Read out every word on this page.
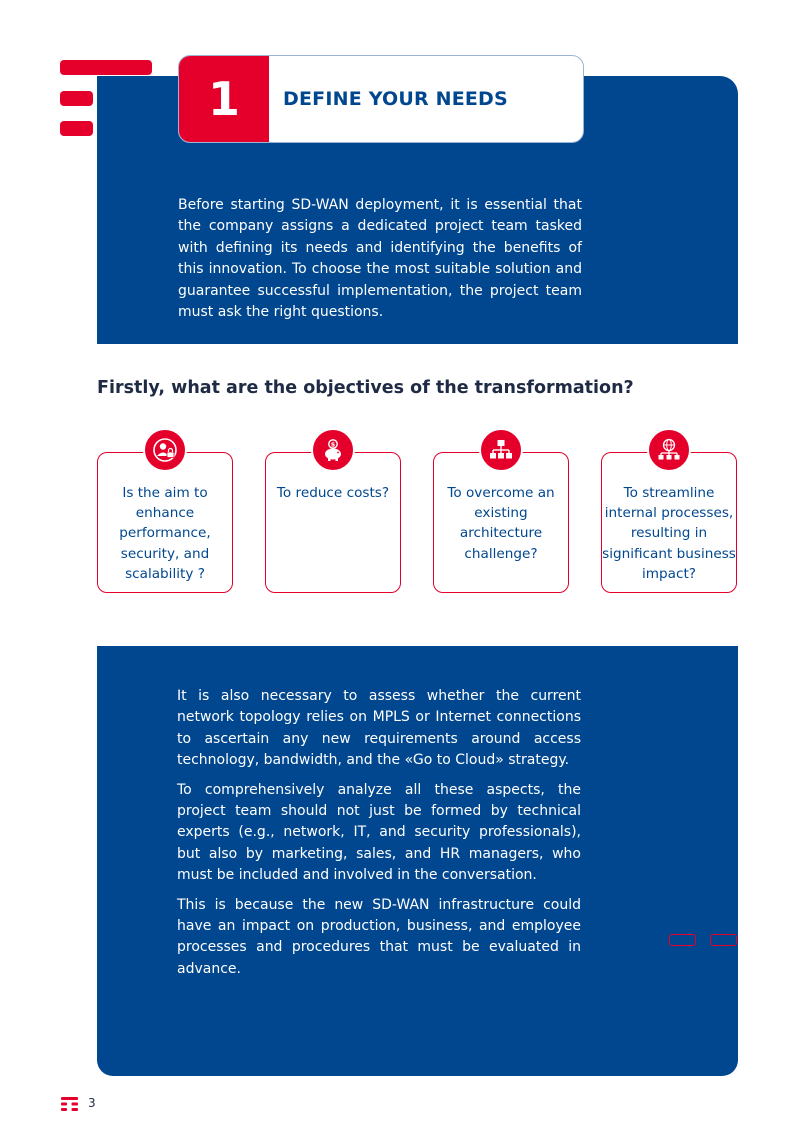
1	DEFINE YOUR NEEDS
Before starting SD-WAN deployment, it is essential that the company assigns a dedicated project team tasked with defining its needs and identifying the benefits of this innovation. To choose the most suitable solution and guarantee successful implementation, the project team must ask the right questions.
Firstly, what are the objectives of the transformation?
Is the aim to enhance performance, security, and scalability ?
To reduce costs?
$
To overcome an existing architecture challenge?
To streamline internal processes, resulting in significant business impact?

It is also necessary to assess whether the current network topology relies on MPLS or Internet connections to ascertain any new requirements around access technology, bandwidth, and the «Go to Cloud» strategy.

To comprehensively analyze all these aspects, the project team should not just be formed by technical experts (e.g., network, IT, and security professionals), but also by marketing, sales, and HR managers, who must be included and involved in the conversation.

This is because the new SD-WAN infrastructure could have an impact on production, business, and employee processes and procedures that must be evaluated in advance.

3
